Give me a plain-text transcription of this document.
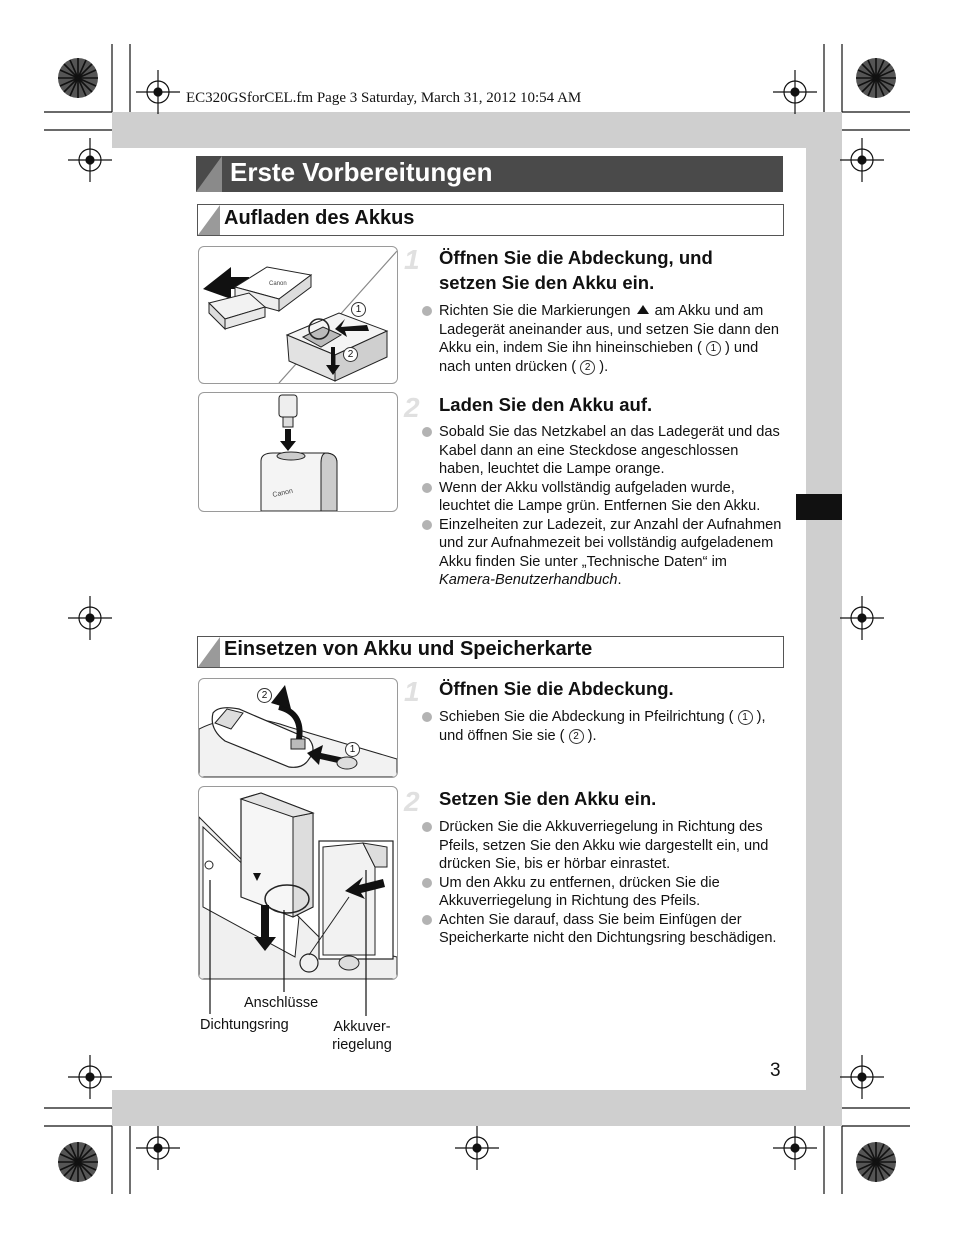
EC320GSforCEL.fm Page 3 Saturday, March 31, 2012 10:54 AM
Erste Vorbereitungen
Aufladen des Akkus
Canon
1
2
1 Öffnen Sie die Abdeckung, und
setzen Sie den Akku ein.
Richten Sie die Markierungen am Akku und am Ladegerät aneinander aus, und setzen Sie dann den Akku ein, indem Sie ihn hineinschieben ( 1 ) und nach unten drücken ( 2 ).
Canon
2 Laden Sie den Akku auf.
Sobald Sie das Netzkabel an das Ladegerät und das Kabel dann an eine Steckdose angeschlossen haben, leuchtet die Lampe orange.
Wenn der Akku vollständig aufgeladen wurde, leuchtet die Lampe grün. Entfernen Sie den Akku.
Einzelheiten zur Ladezeit, zur Anzahl der Aufnahmen und zur Aufnahmezeit bei vollständig aufgeladenem Akku finden Sie unter „Technische Daten“ im Kamera-Benutzerhandbuch.
Einsetzen von Akku und Speicherkarte
2
1
1 Öffnen Sie die Abdeckung.
Schieben Sie die Abdeckung in Pfeilrichtung ( 1 ), und öffnen Sie sie ( 2 ).
Anschlüsse
Dichtungsring	Akkuver-
riegelung
2 Setzen Sie den Akku ein.
Drücken Sie die Akkuverriegelung in Richtung des Pfeils, setzen Sie den Akku wie dargestellt ein, und drücken Sie, bis er hörbar einrastet.
Um den Akku zu entfernen, drücken Sie die Akkuverriegelung in Richtung des Pfeils.
Achten Sie darauf, dass Sie beim Einfügen der Speicherkarte nicht den Dichtungsring beschädigen.
3
